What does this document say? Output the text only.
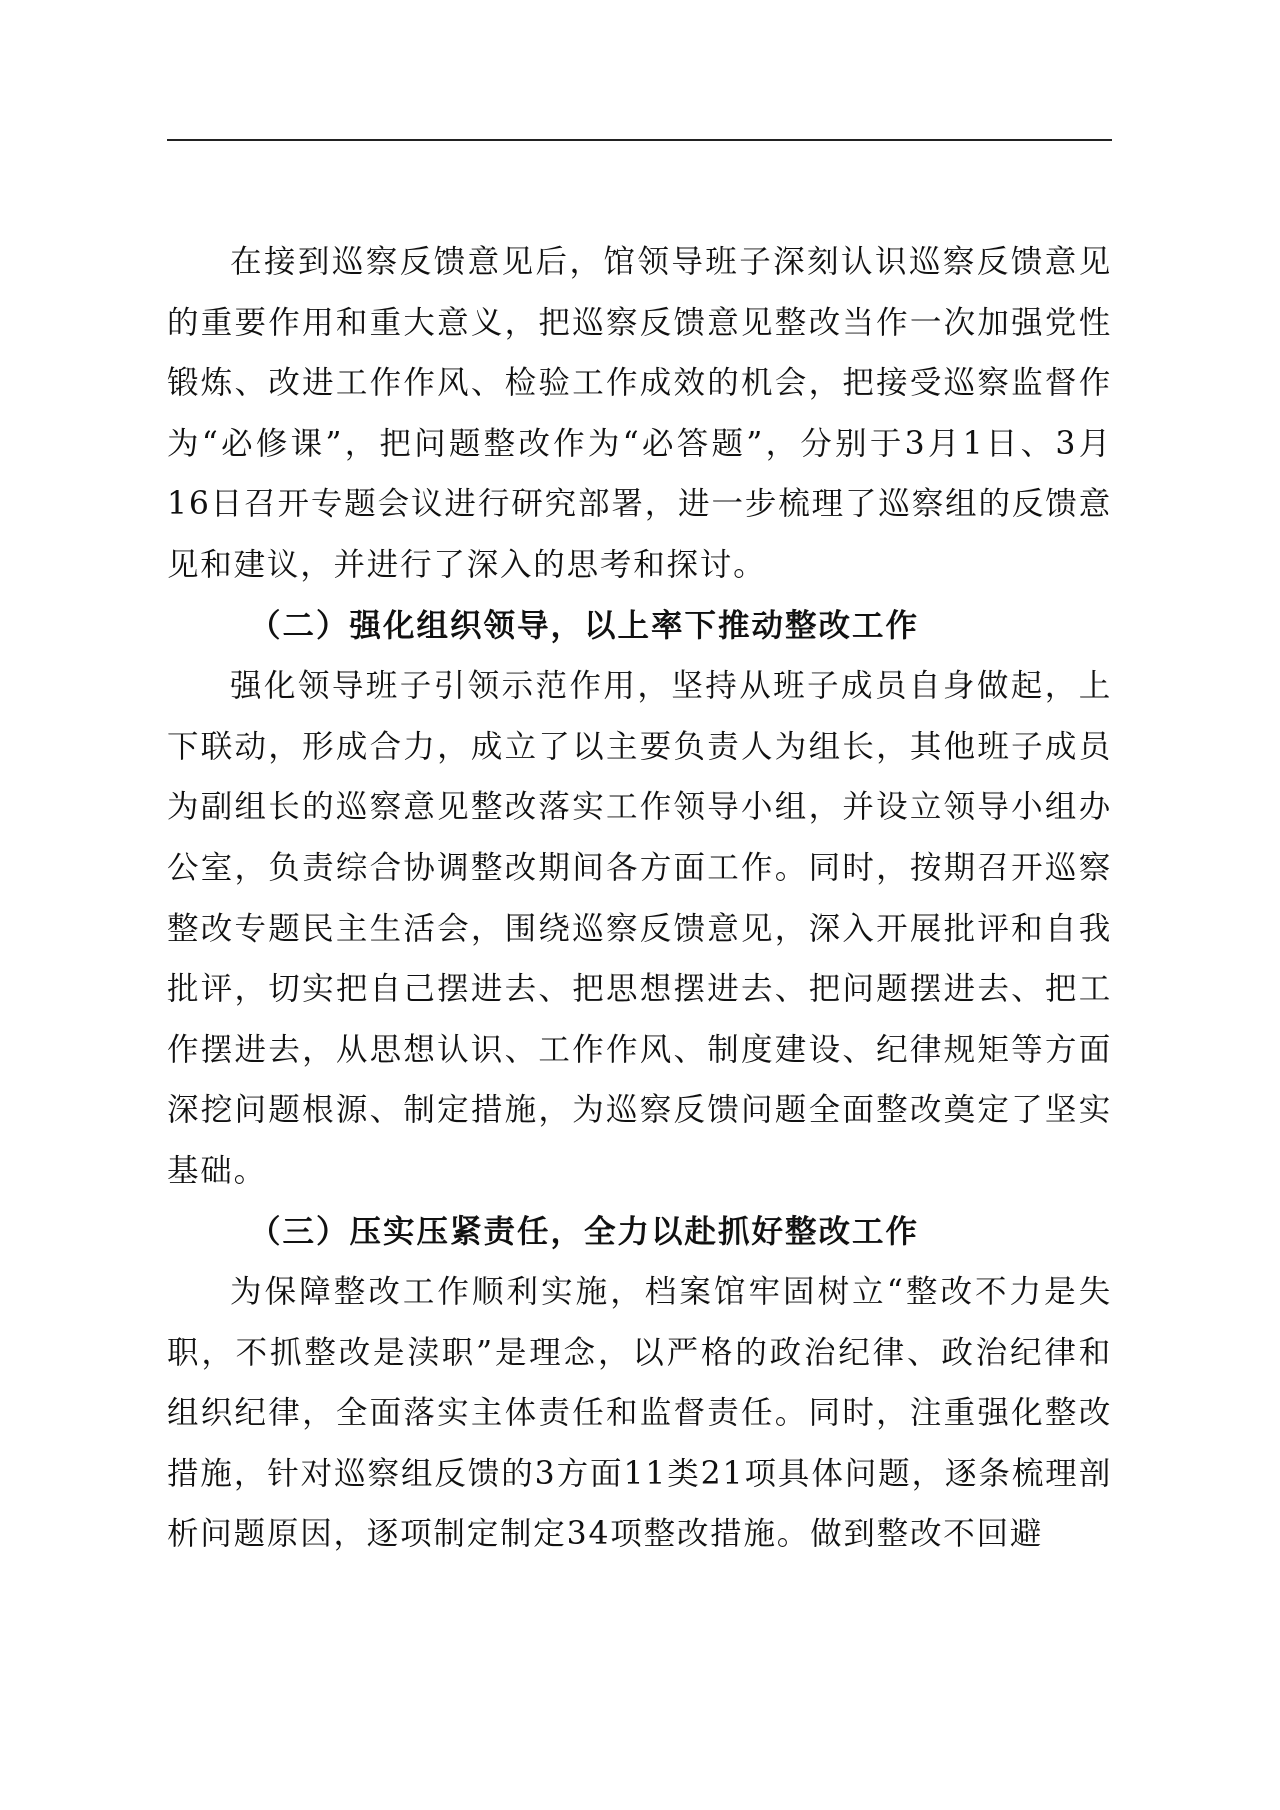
在接到巡察反馈意见后，馆领导班子深刻认识巡察反馈意见的重要作用和重大意义，把巡察反馈意见整改当作一次加强党性锻炼、改进工作作风、检验工作成效的机会，把接受巡察监督作为“必修课”，把问题整改作为“必答题”，分别于3月1日、3月16日召开专题会议进行研究部署，进一步梳理了巡察组的反馈意见和建议，并进行了深入的思考和探讨。

（二）强化组织领导，以上率下推动整改工作

强化领导班子引领示范作用，坚持从班子成员自身做起，上下联动，形成合力，成立了以主要负责人为组长，其他班子成员为副组长的巡察意见整改落实工作领导小组，并设立领导小组办公室，负责综合协调整改期间各方面工作。同时，按期召开巡察整改专题民主生活会，围绕巡察反馈意见，深入开展批评和自我批评，切实把自己摆进去、把思想摆进去、把问题摆进去、把工作摆进去，从思想认识、工作作风、制度建设、纪律规矩等方面深挖问题根源、制定措施，为巡察反馈问题全面整改奠定了坚实基础。

（三）压实压紧责任，全力以赴抓好整改工作

为保障整改工作顺利实施，档案馆牢固树立“整改不力是失职，不抓整改是渎职”是理念，以严格的政治纪律、政治纪律和组织纪律，全面落实主体责任和监督责任。同时，注重强化整改措施，针对巡察组反馈的3方面11类21项具体问题，逐条梳理剖析问题原因，逐项制定制定34项整改措施。做到整改不回避
